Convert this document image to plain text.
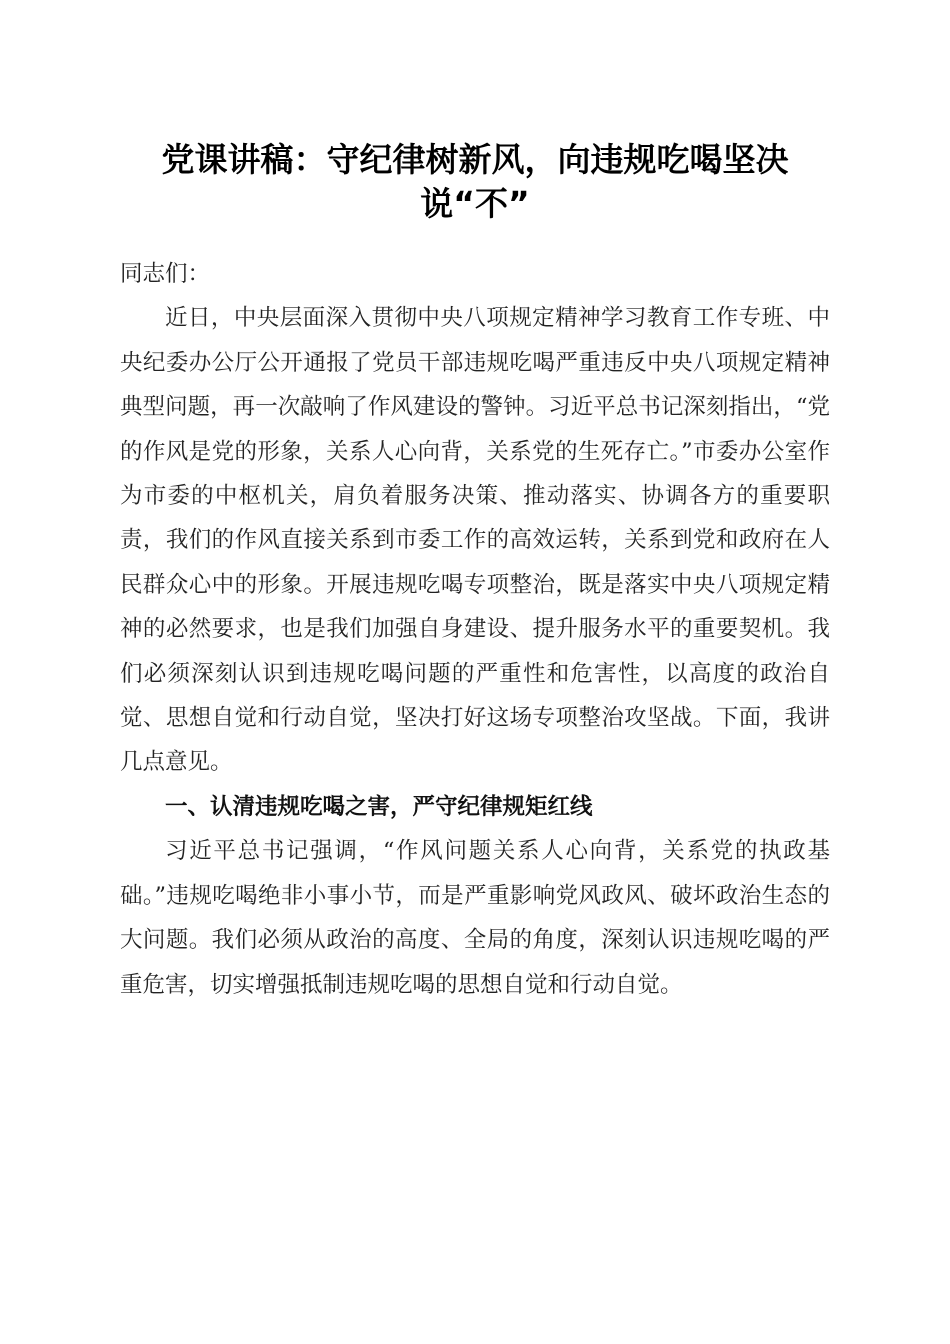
党课讲稿：守纪律树新风，向违规吃喝坚决
说“不”

同志们：

近日，中央层面深入贯彻中央八项规定精神学习教育工作专班、中央纪委办公厅公开通报了党员干部违规吃喝严重违反中央八项规定精神典型问题，再一次敲响了作风建设的警钟。习近平总书记深刻指出，“党的作风是党的形象，关系人心向背，关系党的生死存亡。”市委办公室作为市委的中枢机关，肩负着服务决策、推动落实、协调各方的重要职责，我们的作风直接关系到市委工作的高效运转，关系到党和政府在人民群众心中的形象。开展违规吃喝专项整治，既是落实中央八项规定精神的必然要求，也是我们加强自身建设、提升服务水平的重要契机。我们必须深刻认识到违规吃喝问题的严重性和危害性，以高度的政治自觉、思想自觉和行动自觉，坚决打好这场专项整治攻坚战。下面，我讲几点意见。

一、认清违规吃喝之害，严守纪律规矩红线

习近平总书记强调，“作风问题关系人心向背，关系党的执政基础。”违规吃喝绝非小事小节，而是严重影响党风政风、破坏政治生态的大问题。我们必须从政治的高度、全局的角度，深刻认识违规吃喝的严重危害，切实增强抵制违规吃喝的思想自觉和行动自觉。
